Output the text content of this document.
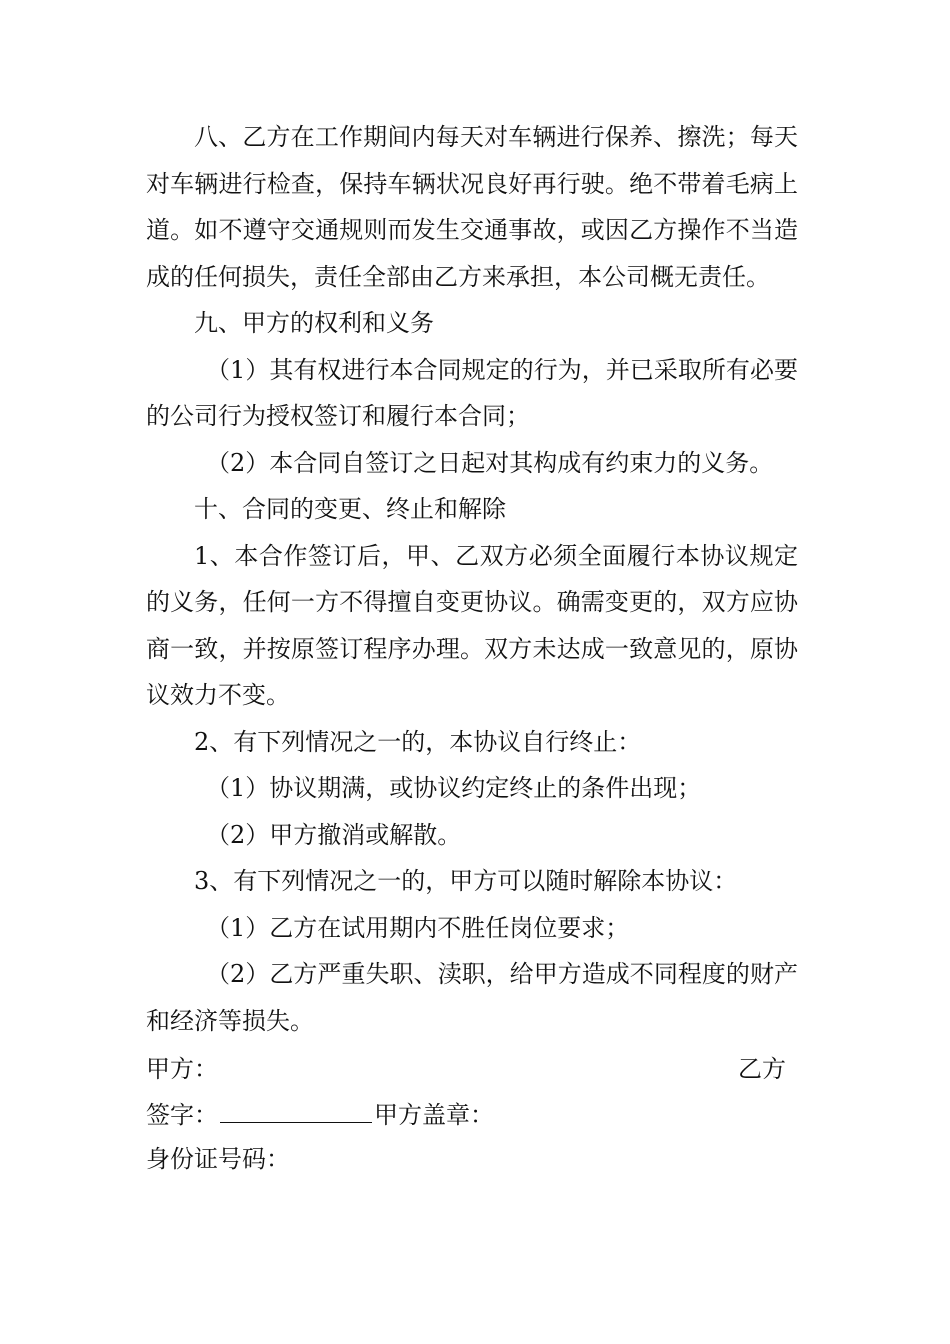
八、乙方在工作期间内每天对车辆进行保养、擦洗；每天对车辆进行检查，保持车辆状况良好再行驶。绝不带着毛病上道。如不遵守交通规则而发生交通事故，或因乙方操作不当造成的任何损失，责任全部由乙方来承担，本公司概无责任。

九、甲方的权利和义务

（1）其有权进行本合同规定的行为，并已采取所有必要的公司行为授权签订和履行本合同；

（2）本合同自签订之日起对其构成有约束力的义务。

十、合同的变更、终止和解除

1、本合作签订后，甲、乙双方必须全面履行本协议规定的义务，任何一方不得擅自变更协议。确需变更的，双方应协商一致，并按原签订程序办理。双方未达成一致意见的，原协议效力不变。

2、有下列情况之一的，本协议自行终止：

（1）协议期满，或协议约定终止的条件出现；

（2）甲方撤消或解散。

3、有下列情况之一的，甲方可以随时解除本协议：

（1）乙方在试用期内不胜任岗位要求；

（2）乙方严重失职、渎职，给甲方造成不同程度的财产和经济等损失。

甲方：	乙方
签字：	甲方盖章：
身份证号码：
